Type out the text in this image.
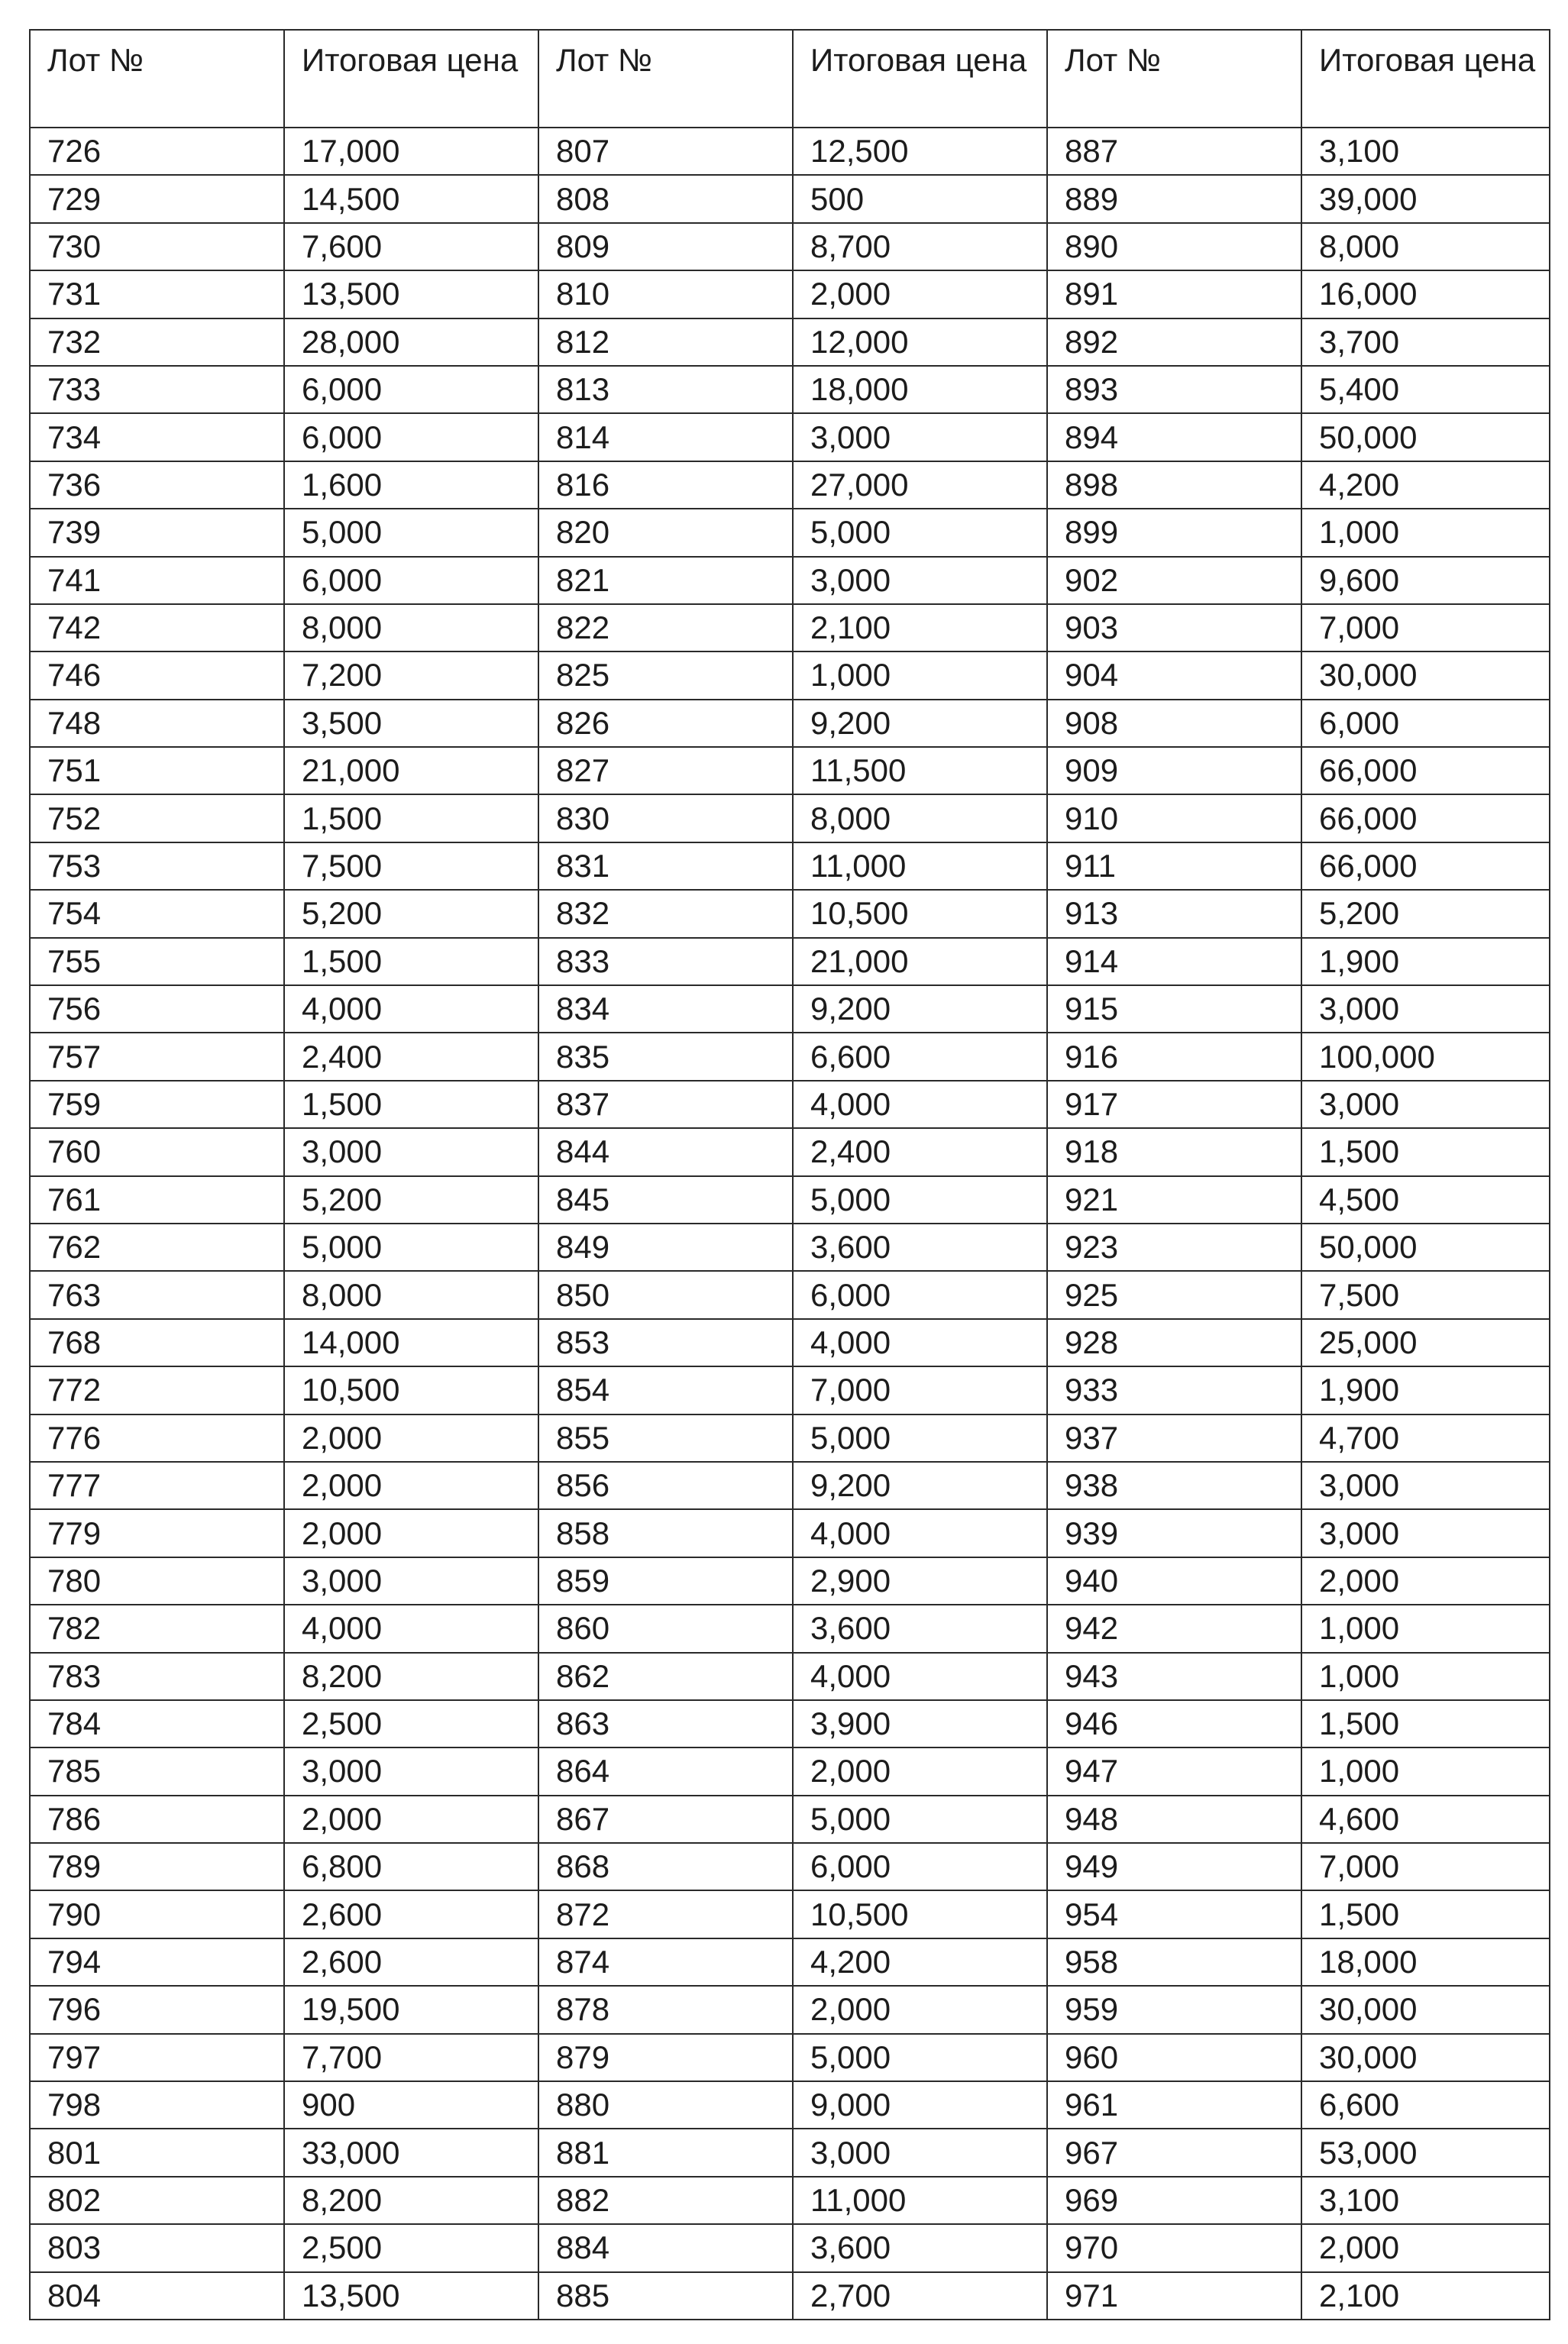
Лот №	Итоговая цена	Лот №	Итоговая цена	Лот №	Итоговая цена
726	17,000	807	12,500	887	3,100
729	14,500	808	500	889	39,000
730	7,600	809	8,700	890	8,000
731	13,500	810	2,000	891	16,000
732	28,000	812	12,000	892	3,700
733	6,000	813	18,000	893	5,400
734	6,000	814	3,000	894	50,000
736	1,600	816	27,000	898	4,200
739	5,000	820	5,000	899	1,000
741	6,000	821	3,000	902	9,600
742	8,000	822	2,100	903	7,000
746	7,200	825	1,000	904	30,000
748	3,500	826	9,200	908	6,000
751	21,000	827	11,500	909	66,000
752	1,500	830	8,000	910	66,000
753	7,500	831	11,000	911	66,000
754	5,200	832	10,500	913	5,200
755	1,500	833	21,000	914	1,900
756	4,000	834	9,200	915	3,000
757	2,400	835	6,600	916	100,000
759	1,500	837	4,000	917	3,000
760	3,000	844	2,400	918	1,500
761	5,200	845	5,000	921	4,500
762	5,000	849	3,600	923	50,000
763	8,000	850	6,000	925	7,500
768	14,000	853	4,000	928	25,000
772	10,500	854	7,000	933	1,900
776	2,000	855	5,000	937	4,700
777	2,000	856	9,200	938	3,000
779	2,000	858	4,000	939	3,000
780	3,000	859	2,900	940	2,000
782	4,000	860	3,600	942	1,000
783	8,200	862	4,000	943	1,000
784	2,500	863	3,900	946	1,500
785	3,000	864	2,000	947	1,000
786	2,000	867	5,000	948	4,600
789	6,800	868	6,000	949	7,000
790	2,600	872	10,500	954	1,500
794	2,600	874	4,200	958	18,000
796	19,500	878	2,000	959	30,000
797	7,700	879	5,000	960	30,000
798	900	880	9,000	961	6,600
801	33,000	881	3,000	967	53,000
802	8,200	882	11,000	969	3,100
803	2,500	884	3,600	970	2,000
804	13,500	885	2,700	971	2,100
